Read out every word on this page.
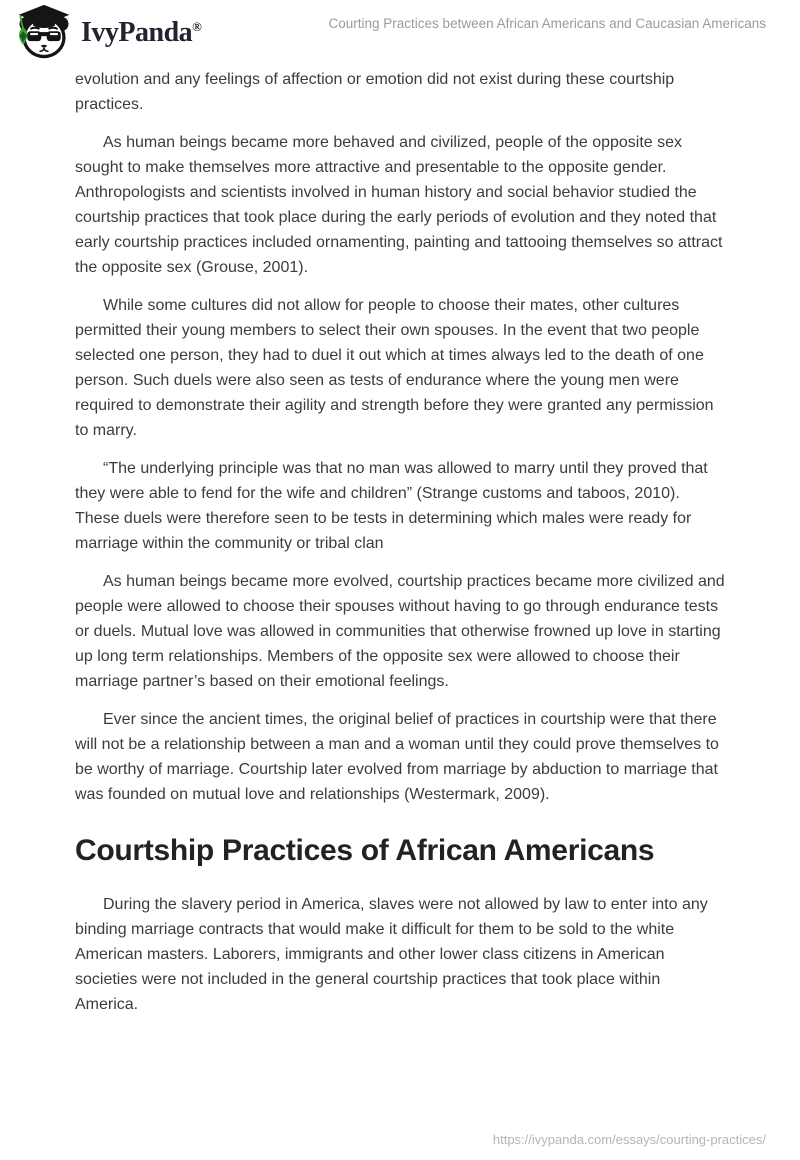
IvyPanda®	Courting Practices between African Americans and Caucasian Americans

evolution and any feelings of affection or emotion did not exist during these courtship practices.

As human beings became more behaved and civilized, people of the opposite sex sought to make themselves more attractive and presentable to the opposite gender. Anthropologists and scientists involved in human history and social behavior studied the courtship practices that took place during the early periods of evolution and they noted that early courtship practices included ornamenting, painting and tattooing themselves so attract the opposite sex (Grouse, 2001).

While some cultures did not allow for people to choose their mates, other cultures permitted their young members to select their own spouses. In the event that two people selected one person, they had to duel it out which at times always led to the death of one person. Such duels were also seen as tests of endurance where the young men were required to demonstrate their agility and strength before they were granted any permission to marry.

“The underlying principle was that no man was allowed to marry until they proved that they were able to fend for the wife and children” (Strange customs and taboos, 2010). These duels were therefore seen to be tests in determining which males were ready for marriage within the community or tribal clan

As human beings became more evolved, courtship practices became more civilized and people were allowed to choose their spouses without having to go through endurance tests or duels. Mutual love was allowed in communities that otherwise frowned up love in starting up long term relationships. Members of the opposite sex were allowed to choose their marriage partner’s based on their emotional feelings.

Ever since the ancient times, the original belief of practices in courtship were that there will not be a relationship between a man and a woman until they could prove themselves to be worthy of marriage. Courtship later evolved from marriage by abduction to marriage that was founded on mutual love and relationships (Westermark, 2009).

Courtship Practices of African Americans

During the slavery period in America, slaves were not allowed by law to enter into any binding marriage contracts that would make it difficult for them to be sold to the white American masters. Laborers, immigrants and other lower class citizens in American societies were not included in the general courtship practices that took place within America.

https://ivypanda.com/essays/courting-practices/
